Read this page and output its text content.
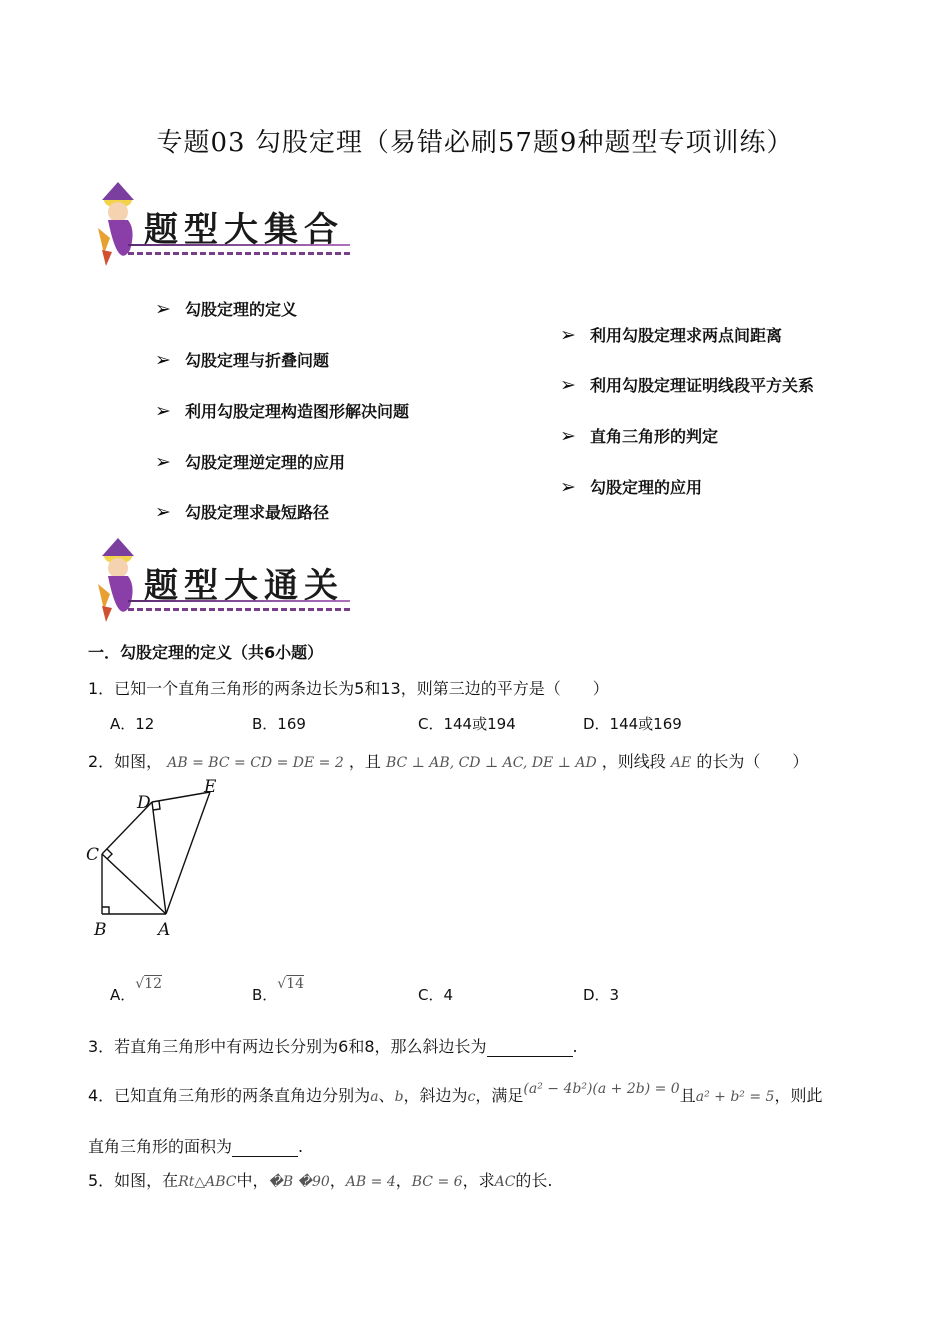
专题03 勾股定理（易错必刷57题9种题型专项训练）
题型大集合
➢ 勾股定理的定义
➢ 勾股定理与折叠问题
➢ 利用勾股定理构造图形解决问题
➢ 勾股定理逆定理的应用
➢ 勾股定理求最短路径
➢ 利用勾股定理求两点间距离
➢ 利用勾股定理证明线段平方关系
➢ 直角三角形的判定
➢ 勾股定理的应用
题型大通关
一．勾股定理的定义（共6小题）
1．已知一个直角三角形的两条边长为5和13，则第三边的平方是（　　）
A．12	B．169	C．144或194	D．144或169
2．如图， AB = BC = CD = DE = 2 ，且 BC ⊥ AB, CD ⊥ AC, DE ⊥ AD ，则线段 AE 的长为（　　）
C
D
E
B	A
A．√12
B．√14
C．4	D．3
3．若直角三角形中有两边长分别为6和8，那么斜边长为	.
4．已知直角三角形的两条直角边分别为a、b，斜边为c，满足(a² − 4b²)(a + 2b) = 0且a² + b² = 5，则此
直角三角形的面积为	.
5．如图，在Rt△ABC中，�B �90，AB = 4，BC = 6，求AC的长.
